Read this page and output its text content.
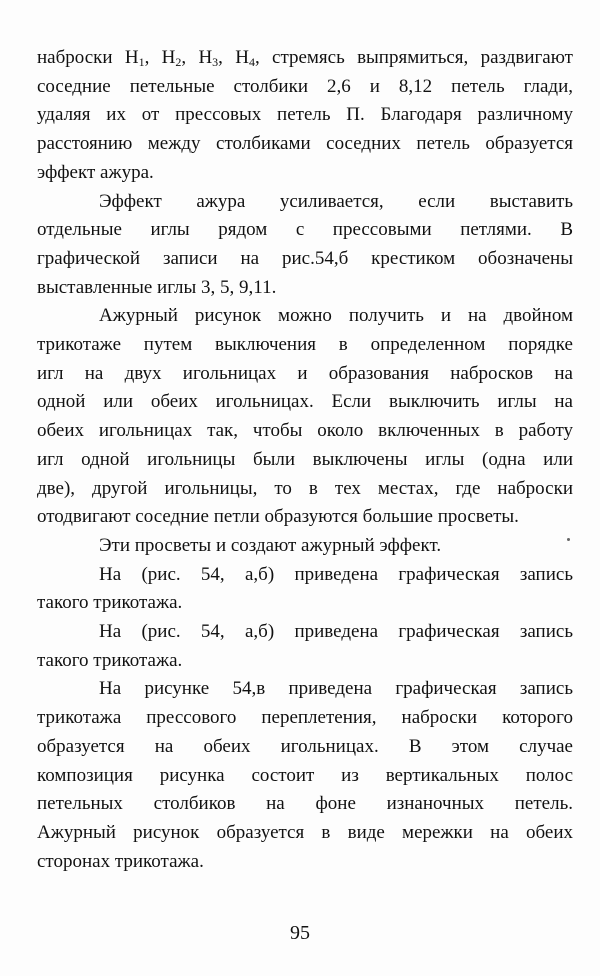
наброски $Н_1$, $Н_2$, $Н_3$, $Н_4$, стремясь выпрямиться, раздвигают
соседние петельные столбики 2,6 и 8,12 петель глади,
удаляя их от прессовых петель П. Благодаря различному
расстоянию между столбиками соседних петель образуется
эффект ажура.
Эффект ажура усиливается, если выставить
отдельные иглы рядом с прессовыми петлями. В
графической записи на рис.54,б крестиком обозначены
выставленные иглы 3, 5, 9,11.
Ажурный рисунок можно получить и на двойном
трикотаже путем выключения в определенном порядке
игл на двух игольницах и образования набросков на
одной или обеих игольницах. Если выключить иглы на
обеих игольницах так, чтобы около включенных в работу
игл одной игольницы были выключены иглы (одна или
две), другой игольницы, то в тех местах, где наброски
отодвигают соседние петли образуются большие просветы.
Эти просветы и создают ажурный эффект.
На (рис. 54, а,б) приведена графическая запись
такого трикотажа.
На (рис. 54, а,б) приведена графическая запись
такого трикотажа.
На рисунке 54,в приведена графическая запись
трикотажа прессового переплетения, наброски которого
образуется на обеих игольницах. В этом случае
композиция рисунка состоит из вертикальных полос
петельных столбиков на фоне изнаночных петель.
Ажурный рисунок образуется в виде мережки на обеих
сторонах трикотажа.
95
